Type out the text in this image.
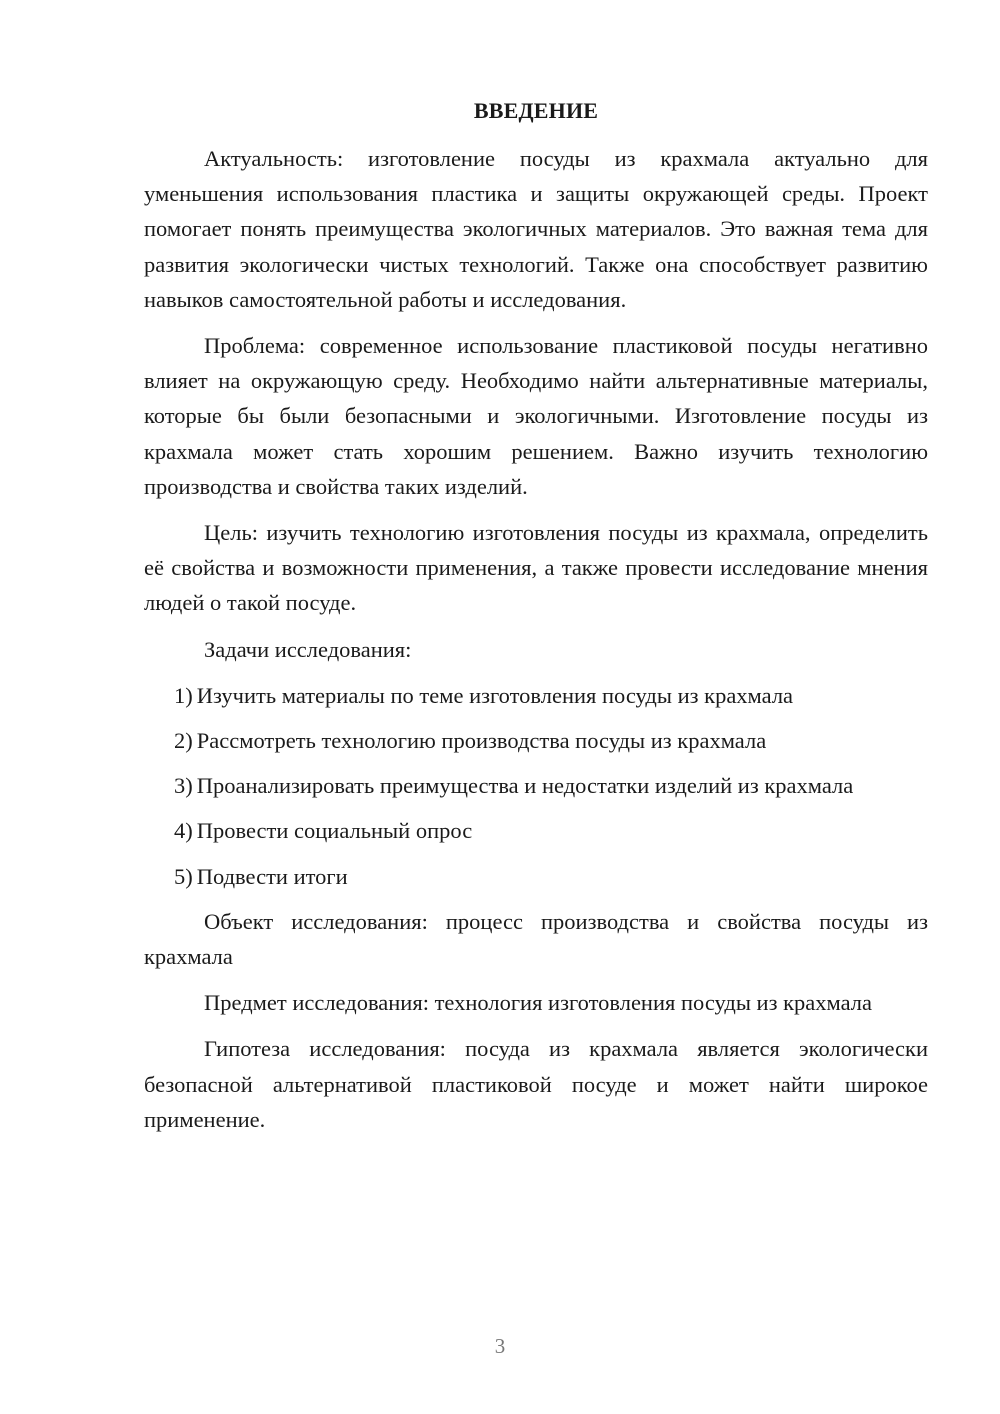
ВВЕДЕНИЕ

Актуальность: изготовление посуды из крахмала актуально для уменьшения использования пластика и защиты окружающей среды. Проект помогает понять преимущества экологичных материалов. Это важная тема для развития экологически чистых технологий. Также она способствует развитию навыков самостоятельной работы и исследования.

Проблема: современное использование пластиковой посуды негативно влияет на окружающую среду. Необходимо найти альтернативные материалы, которые бы были безопасными и экологичными. Изготовление посуды из крахмала может стать хорошим решением. Важно изучить технологию производства и свойства таких изделий.

Цель: изучить технологию изготовления посуды из крахмала, определить её свойства и возможности применения, а также провести исследование мнения людей о такой посуде.

Задачи исследования:

1) Изучить материалы по теме изготовления посуды из крахмала

2) Рассмотреть технологию производства посуды из крахмала

3) Проанализировать преимущества и недостатки изделий из крахмала

4) Провести социальный опрос

5) Подвести итоги

Объект исследования: процесс производства и свойства посуды из крахмала

Предмет исследования: технология изготовления посуды из крахмала

Гипотеза исследования: посуда из крахмала является экологически безопасной альтернативой пластиковой посуде и может найти широкое применение.

3
